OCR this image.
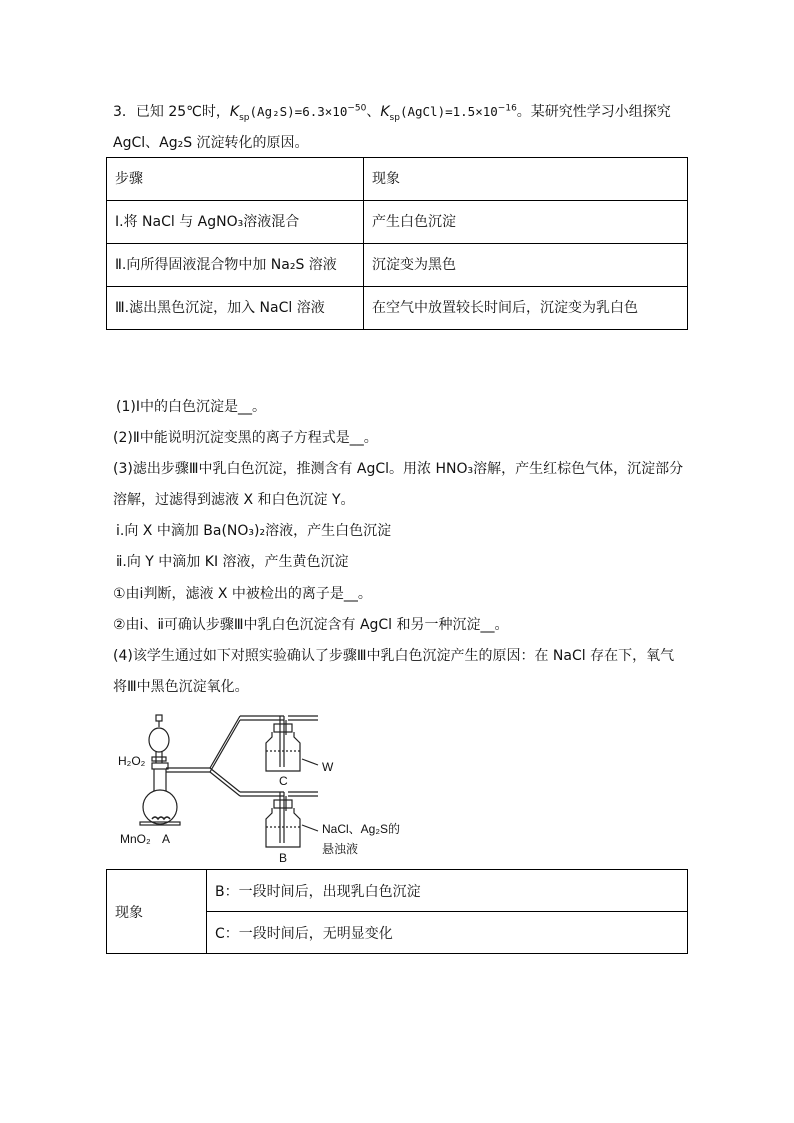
3．已知 25℃时，$K_{sp}(Ag_2S)=6.3\times 10^{-50}$、$K_{sp}(AgCl)=1.5\times 10^{-16}$。某研究性学习小组探究
AgCl、Ag₂S 沉淀转化的原因。
步骤	现象
Ⅰ.将 NaCl 与 AgNO₃溶液混合	产生白色沉淀
Ⅱ.向所得固液混合物中加 Na₂S 溶液	沉淀变为黑色
Ⅲ.滤出黑色沉淀，加入 NaCl 溶液	在空气中放置较长时间后，沉淀变为乳白色
(1)Ⅰ中的白色沉淀是__。
(2)Ⅱ中能说明沉淀变黑的离子方程式是__。
(3)滤出步骤Ⅲ中乳白色沉淀，推测含有 AgCl。用浓 HNO₃溶解，产生红棕色气体，沉淀部分
溶解，过滤得到滤液 X 和白色沉淀 Y。
ⅰ.向 X 中滴加 Ba(NO₃)₂溶液，产生白色沉淀
ⅱ.向 Y 中滴加 KI 溶液，产生黄色沉淀
①由ⅰ判断，滤液 X 中被检出的离子是__。
②由ⅰ、ⅱ可确认步骤Ⅲ中乳白色沉淀含有 AgCl 和另一种沉淀__。
(4)该学生通过如下对照实验确认了步骤Ⅲ中乳白色沉淀产生的原因：在 NaCl 存在下，氧气
将Ⅲ中黑色沉淀氧化。
H₂O₂
MnO₂ A
C
W
B
NaCl、Ag₂S的
悬浊液
现象	B：一段时间后，出现乳白色沉淀
C：一段时间后，无明显变化
